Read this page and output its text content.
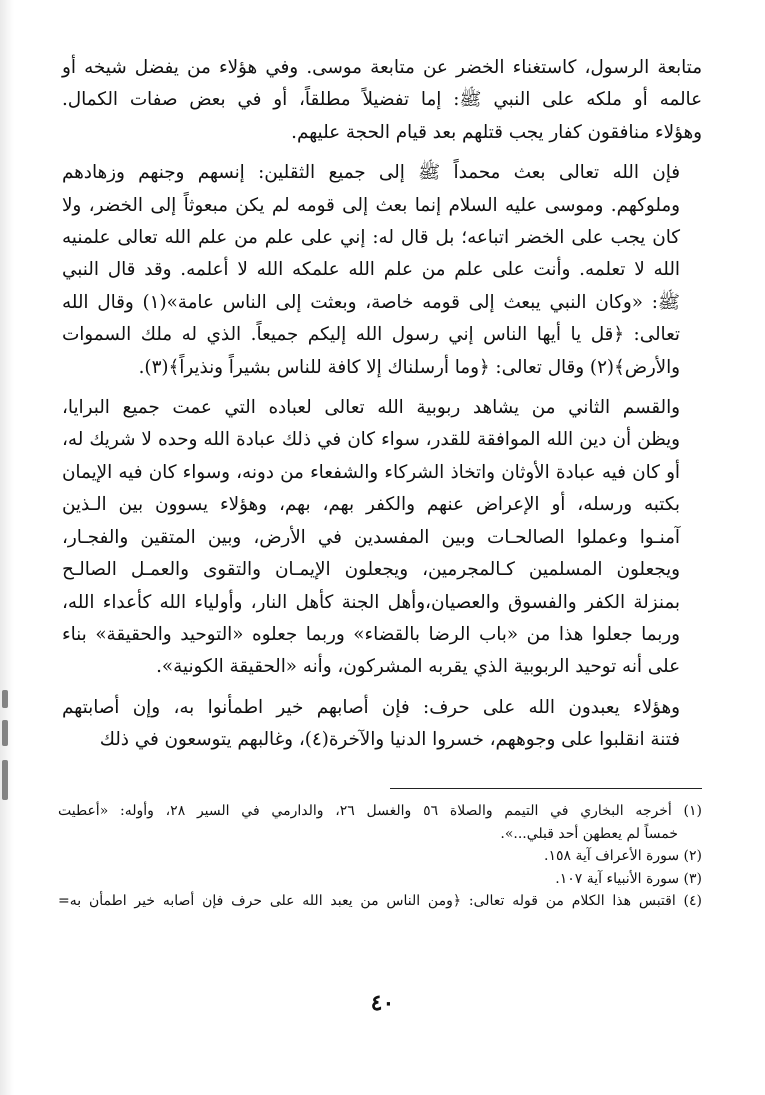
متابعة الرسول، كاستغناء الخضر عن متابعة موسى. وفي هؤلاء من يفضل شيخه أو
عالمه أو ملكه على النبي ﷺ: إما تفضيلاً مطلقاً، أو في بعض صفات الكمال.
وهؤلاء منافقون كفار يجب قتلهم بعد قيام الحجة عليهم.
فإن الله تعالى بعث محمداً ﷺ إلى جميع الثقلين: إنسهم وجنهم وزهادهم
وملوكهم. وموسى عليه السلام إنما بعث إلى قومه لم يكن مبعوثاً إلى الخضر، ولا
كان يجب على الخضر اتباعه؛ بل قال له: إني على علم من علم الله تعالى علمنيه
الله لا تعلمه. وأنت على علم من علم الله علمكه الله لا أعلمه. وقد قال النبي
ﷺ: «وكان النبي يبعث إلى قومه خاصة، وبعثت إلى الناس عامة»(١) وقال الله
تعالى: ﴿قل يا أيها الناس إني رسول الله إليكم جميعاً. الذي له ملك السموات
والأرض﴾(٢) وقال تعالى: ﴿وما أرسلناك إلا كافة للناس بشيراً ونذيراً﴾(٣).
والقسم الثاني من يشاهد ربوبية الله تعالى لعباده التي عمت جميع البرايا،
ويظن أن دين الله الموافقة للقدر، سواء كان في ذلك عبادة الله وحده لا شريك له،
أو كان فيه عبادة الأوثان واتخاذ الشركاء والشفعاء من دونه، وسواء كان فيه الإيمان
بكتبه ورسله، أو الإعراض عنهم والكفر بهم، بهم، وهؤلاء يسوون بين الـذين
آمنـوا وعملوا الصالحـات وبين المفسدين في الأرض، وبين المتقين والفجـار،
ويجعلون المسلمين كـالمجرمين، ويجعلون الإيمـان والتقوى والعمـل الصالـح
بمنزلة الكفر والفسوق والعصيان،وأهل الجنة كأهل النار، وأولياء الله كأعداء الله،
وربما جعلوا هذا من «باب الرضا بالقضاء» وربما جعلوه «التوحيد والحقيقة» بناء
على أنه توحيد الربوبية الذي يقربه المشركون، وأنه «الحقيقة الكونية».
وهؤلاء يعبدون الله على حرف: فإن أصابهم خير اطمأنوا به، وإن أصابتهم
فتنة انقلبوا على وجوههم، خسروا الدنيا والآخرة(٤)، وغالبهم يتوسعون في ذلك
(١) أخرجه البخاري في التيمم والصلاة ٥٦ والغسل ٢٦، والدارمي في السير ٢٨، وأوله: «أعطيت
خمساً لم يعطهن أحد قبلي...».
(٢) سورة الأعراف آية ١٥٨.
(٣) سورة الأنبياء آية ١٠٧.
(٤) اقتبس هذا الكلام من قوله تعالى: ﴿ومن الناس من يعبد الله على حرف فإن أصابه خير اطمأن به=
٤٠
